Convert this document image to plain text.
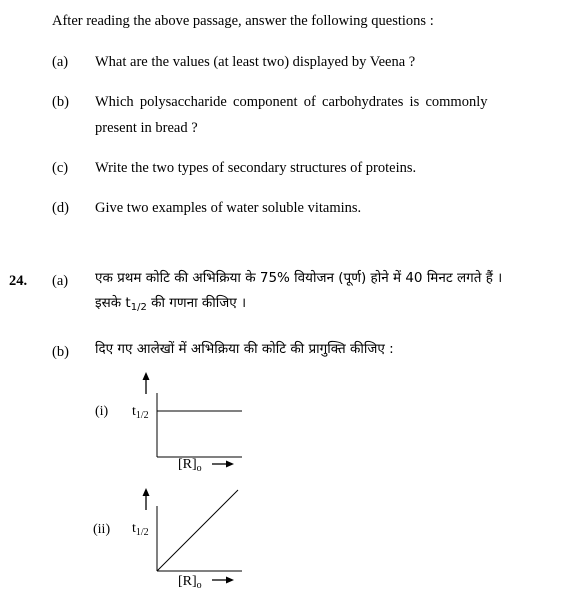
After reading the above passage, answer the following questions :
(a) What are the values (at least two) displayed by Veena ?
(b) Which polysaccharide component of carbohydrates is commonly
present in bread ?
(c) Write the two types of secondary structures of proteins.
(d) Give two examples of water soluble vitamins.
24. (a) एक प्रथम कोटि की अभिक्रिया के 75% वियोजन (पूर्ण) होने में 40 मिनट लगते हैं ।
इसके $t_{1/2}$ की गणना कीजिए ।
(b) दिए गए आलेखों में अभिक्रिया की कोटि की प्रागुक्ति कीजिए :
(i) $t_{1/2}$
$[R]_o$
(ii) $t_{1/2}$
$[R]_o$
